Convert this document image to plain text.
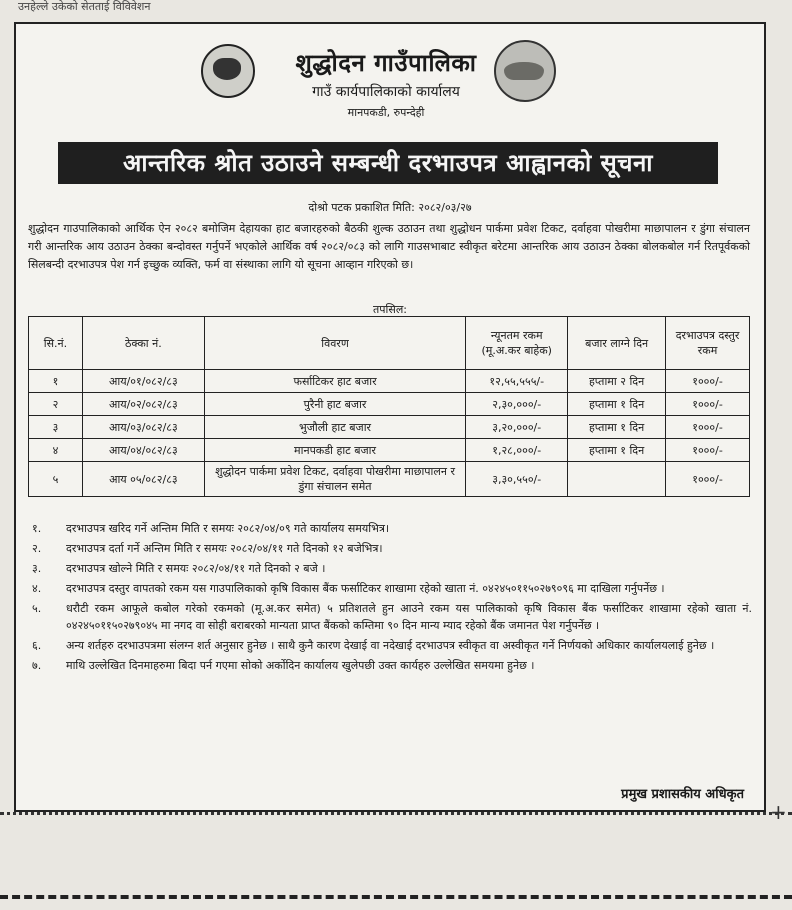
उनहेल्ले उकेको सेतताई विविवेशन
शुद्धोदन गाउँपालिका
गाउँ कार्यपालिकाको कार्यालय
मानपकडी, रुपन्देही
आन्तरिक श्रोत उठाउने सम्बन्धी दरभाउपत्र आह्वानको सूचना
दोश्रो पटक प्रकाशित मिति: २०८२/०३/२७
शुद्धोदन गाउपालिकाको आर्थिक ऐन २०८२ बमोजिम देहायका हाट बजारहरुको बैठकी शुल्क उठाउन तथा शुद्धोधन पार्कमा प्रवेश टिकट, दर्वाहवा पोखरीमा माछापालन र डुंगा संचालन गरी आन्तरिक आय उठाउन ठेक्का बन्दोवस्त गर्नुपर्ने भएकोले आर्थिक वर्ष २०८२/०८३ को लागि गाउसभाबाट स्वीकृत बरेटमा आन्तरिक आय उठाउन ठेक्का बोलकबोल गर्न रितपूर्वकको सिलबन्दी दरभाउपत्र पेश गर्न इच्छुक व्यक्ति, फर्म वा संस्थाका लागि यो सूचना आव्हान गरिएको छ।
तपसिल:
सि.नं.	ठेक्का नं.	विवरण	न्यूनतम रकम (मू.अ.कर बाहेक)	बजार लाग्ने दिन	दरभाउपत्र दस्तुर रकम
१	आय/०१/०८२/८३	फर्साटिकर हाट बजार	१२,५५,५५५/-	हप्तामा २ दिन	१०००/-
२	आय/०२/०८२/८३	पुरैनी हाट बजार	२,३०,०००/-	हप्तामा १ दिन	१०००/-
३	आय/०३/०८२/८३	भुजौली हाट बजार	३,२०,०००/-	हप्तामा १ दिन	१०००/-
४	आय/०४/०८२/८३	मानपकडी हाट बजार	१,२८,०००/-	हप्तामा १ दिन	१०००/-
५	आय ०५/०८२/८३	शुद्धोदन पार्कमा प्रवेश टिकट, दर्वाहवा पोखरीमा माछापालन र डुंगा संचालन समेत	३,३०,५५०/-		१०००/-
१. दरभाउपत्र खरिद गर्ने अन्तिम मिति र समयः २०८२/०४/०९ गते कार्यालय समयभित्र।
२. दरभाउपत्र दर्ता गर्ने अन्तिम मिति र समयः २०८२/०४/११ गते दिनको १२ बजेभित्र।
३. दरभाउपत्र खोल्ने मिति र समयः २०८२/०४/११ गते दिनको २ बजे ।
४. दरभाउपत्र दस्तुर वापतको रकम यस गाउपालिकाको कृषि विकास बैंक फर्साटिकर शाखामा रहेको खाता नं. ०४२४५०११५०२७९०९६ मा दाखिला गर्नुपर्नेछ ।
५. धरौटी रकम आफूले कबोल गरेको रकमको (मू.अ.कर समेत) ५ प्रतिशतले हुन आउने रकम यस पालिकाको कृषि विकास बैंक फर्साटिकर शाखामा रहेको खाता नं. ०४२४५०११५०२७९०४५ मा नगद वा सोही बराबरको मान्यता प्राप्त बैंकको कम्तिमा ९० दिन मान्य म्याद रहेको बैंक जमानत पेश गर्नुपर्नेछ ।
६. अन्य शर्तहरु दरभाउपत्रमा संलग्न शर्त अनुसार हुनेछ । साथै कुनै कारण देखाई वा नदेखाई दरभाउपत्र स्वीकृत वा अस्वीकृत गर्ने निर्णयको अधिकार कार्यालयलाई हुनेछ ।
७. माथि उल्लेखित दिनमाहरुमा बिदा पर्न गएमा सोको अर्कोदिन कार्यालय खुलेपछी उक्त कार्यहरु उल्लेखित समयमा हुनेछ ।
प्रमुख प्रशासकीय अधिकृत
+
